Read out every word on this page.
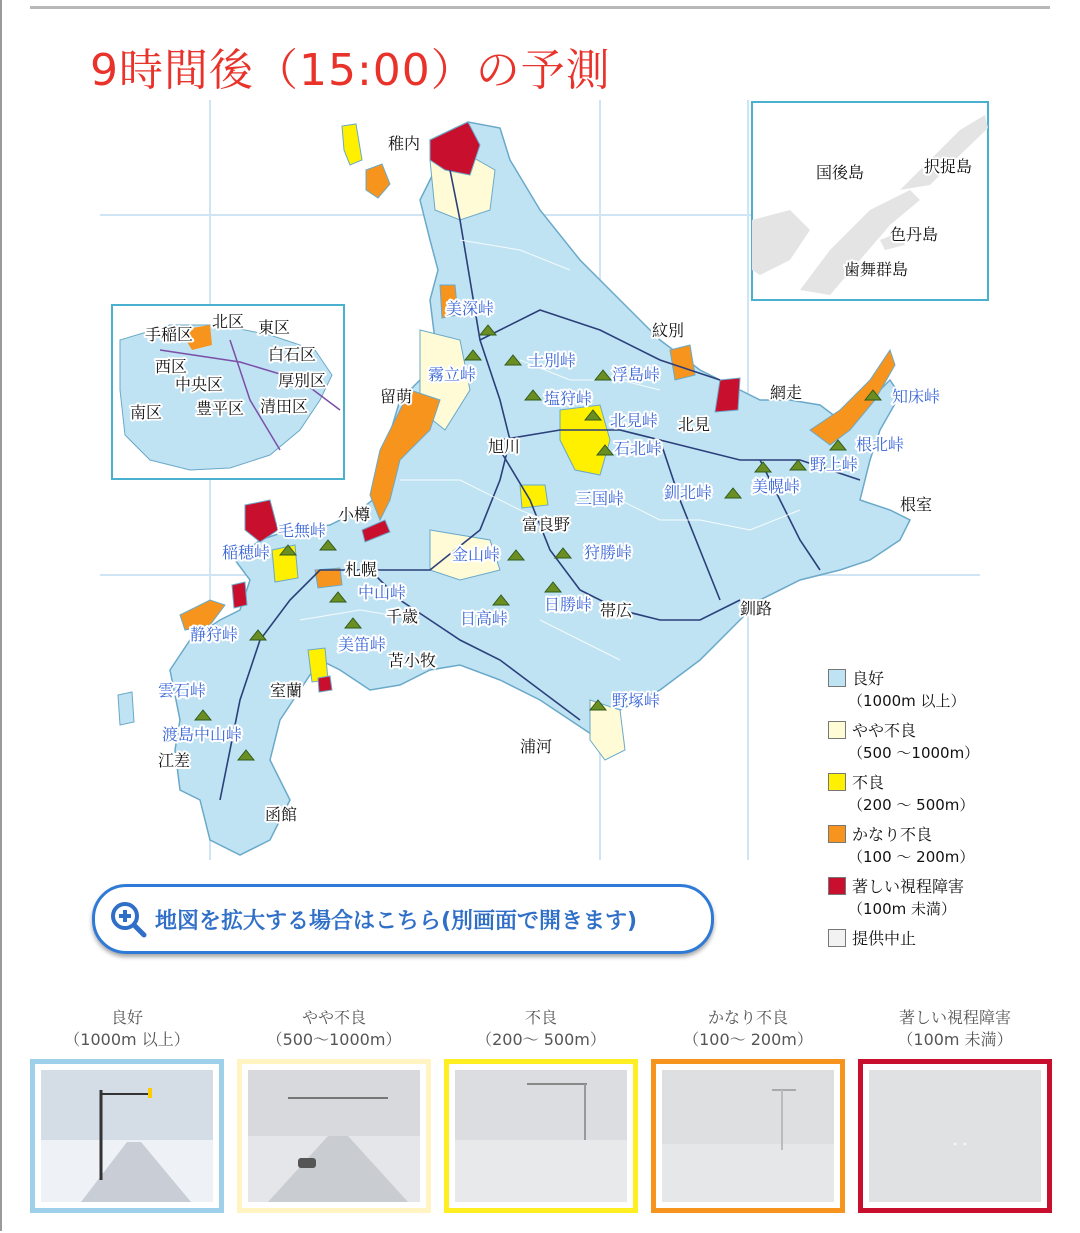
9時間後（15:00）の予測
北区
手稲区	東区
白石区
西区
厚別区
中央区
豊平区 清田区
南区
国後島	択捉島
色丹島
歯舞群島
稚内
紋別
網走
北見
留萌
旭川
小樽
札幌
富良野
千歳	帯広
根室
釧路
苫小牧
室蘭
浦河
江差
函館
美深峠
士別峠
霧立峠	浮島峠
塩狩峠
北見峠
石北峠
知床峠
根北峠
野上峠
美幌峠
釧北峠
三国峠
毛無峠
稲穂峠	金山峠	狩勝峠
中山峠
日勝峠
日高峠
美笛峠
静狩峠
雲石峠
渡島中山峠
野塚峠
良好
（1000m 以上）
やや不良
（500 ～1000m）
不良
（200 ～ 500m）
かなり不良
（100 ～ 200m）
著しい視程障害
（100m 未満）
提供中止
地図を拡大する場合はこちら(別画面で開きます)
良好
（1000m 以上）
やや不良
（500～1000m）
不良
（200～ 500m）
かなり不良
（100～ 200m）
著しい視程障害
（100m 未満）
